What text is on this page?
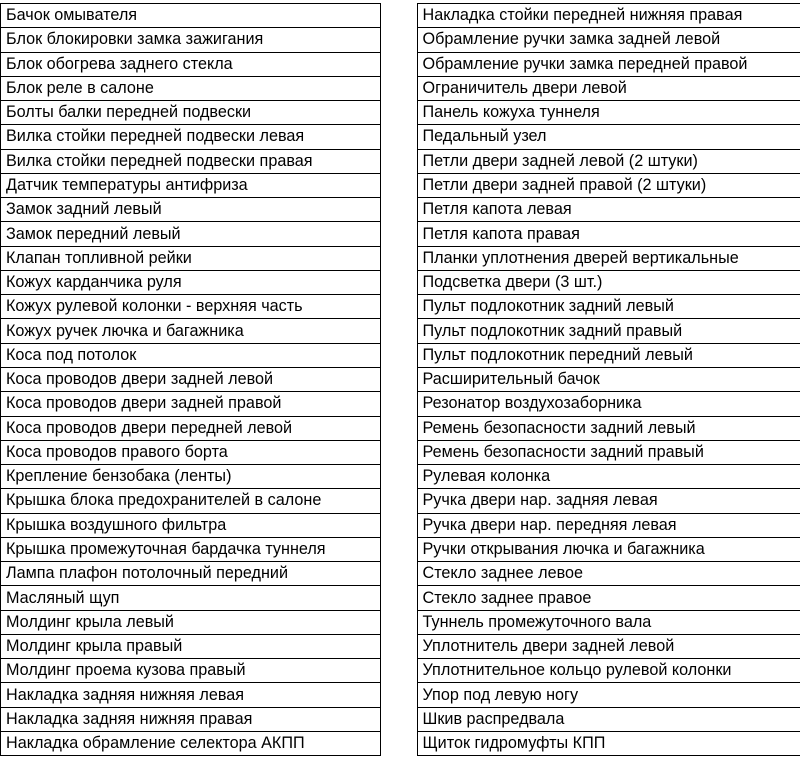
Бачок омывателя
Блок блокировки замка зажигания
Блок обогрева заднего стекла
Блок реле в салоне
Болты балки передней подвески
Вилка стойки передней подвески левая
Вилка стойки передней подвески правая
Датчик температуры антифриза
Замок задний левый
Замок передний левый
Клапан топливной рейки
Кожух карданчика руля
Кожух рулевой колонки - верхняя часть
Кожух ручек лючка и багажника
Коса под потолок
Коса проводов двери задней левой
Коса проводов двери задней правой
Коса проводов двери передней левой
Коса проводов правого борта
Крепление бензобака (ленты)
Крышка блока предохранителей в салоне
Крышка воздушного фильтра
Крышка промежуточная бардачка туннеля
Лампа плафон потолочный передний
Масляный щуп
Молдинг крыла левый
Молдинг крыла правый
Молдинг проема кузова правый
Накладка задняя нижняя левая
Накладка задняя нижняя правая
Накладка обрамление селектора АКПП
Накладка стойки передней нижняя правая
Обрамление ручки замка задней левой
Обрамление ручки замка передней правой
Ограничитель двери левой
Панель кожуха туннеля
Педальный узел
Петли двери задней левой (2 штуки)
Петли двери задней правой (2 штуки)
Петля капота левая
Петля капота правая
Планки уплотнения дверей вертикальные
Подсветка двери (3 шт.)
Пульт подлокотник задний левый
Пульт подлокотник задний правый
Пульт подлокотник передний левый
Расширительный бачок
Резонатор воздухозаборника
Ремень безопасности задний левый
Ремень безопасности задний правый
Рулевая колонка
Ручка двери нар. задняя левая
Ручка двери нар. передняя левая
Ручки открывания лючка и багажника
Стекло заднее левое
Стекло заднее правое
Туннель промежуточного вала
Уплотнитель двери задней левой
Уплотнительное кольцо рулевой колонки
Упор под левую ногу
Шкив распредвала
Щиток гидромуфты КПП
